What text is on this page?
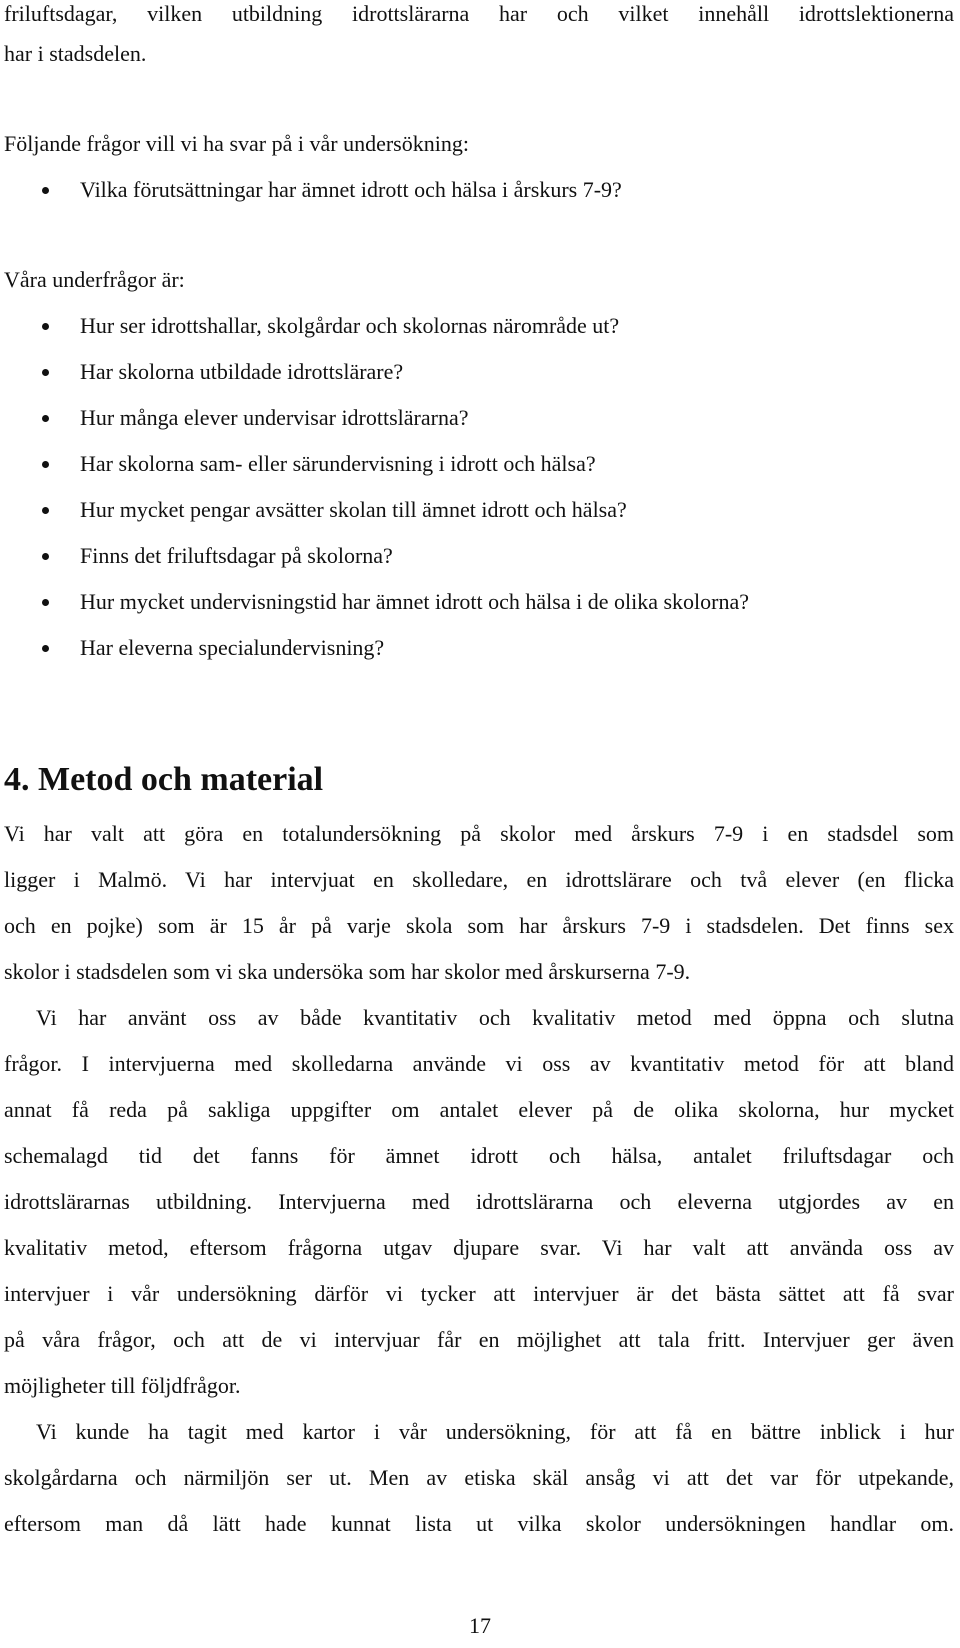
friluftsdagar, vilken utbildning idrottslärarna har och vilket innehåll idrottslektionerna

har i stadsdelen.

Följande frågor vill vi ha svar på i vår undersökning:

Vilka förutsättningar har ämnet idrott och hälsa i årskurs 7-9?

Våra underfrågor är:

Hur ser idrottshallar, skolgårdar och skolornas närområde ut?
Har skolorna utbildade idrottslärare?
Hur många elever undervisar idrottslärarna?
Har skolorna sam- eller särundervisning i idrott och hälsa?
Hur mycket pengar avsätter skolan till ämnet idrott och hälsa?
Finns det friluftsdagar på skolorna?
Hur mycket undervisningstid har ämnet idrott och hälsa i de olika skolorna?
Har eleverna specialundervisning?
4. Metod och material

Vi har valt att göra en totalundersökning på skolor med årskurs 7-9 i en stadsdel som

ligger i Malmö. Vi har intervjuat en skolledare, en idrottslärare och två elever (en flicka

och en pojke) som är 15 år på varje skola som har årskurs 7-9 i stadsdelen. Det finns sex

skolor i stadsdelen som vi ska undersöka som har skolor med årskurserna 7-9.

Vi har använt oss av både kvantitativ och kvalitativ metod med öppna och slutna

frågor. I intervjuerna med skolledarna använde vi oss av kvantitativ metod för att bland

annat få reda på sakliga uppgifter om antalet elever på de olika skolorna, hur mycket

schemalagd tid det fanns för ämnet idrott och hälsa, antalet friluftsdagar och

idrottslärarnas utbildning. Intervjuerna med idrottslärarna och eleverna utgjordes av en

kvalitativ metod, eftersom frågorna utgav djupare svar. Vi har valt att använda oss av

intervjuer i vår undersökning därför vi tycker att intervjuer är det bästa sättet att få svar

på våra frågor, och att de vi intervjuar får en möjlighet att tala fritt. Intervjuer ger även

möjligheter till följdfrågor.

Vi kunde ha tagit med kartor i vår undersökning, för att få en bättre inblick i hur

skolgårdarna och närmiljön ser ut. Men av etiska skäl ansåg vi att det var för utpekande,

eftersom man då lätt hade kunnat lista ut vilka skolor undersökningen handlar om.

17
